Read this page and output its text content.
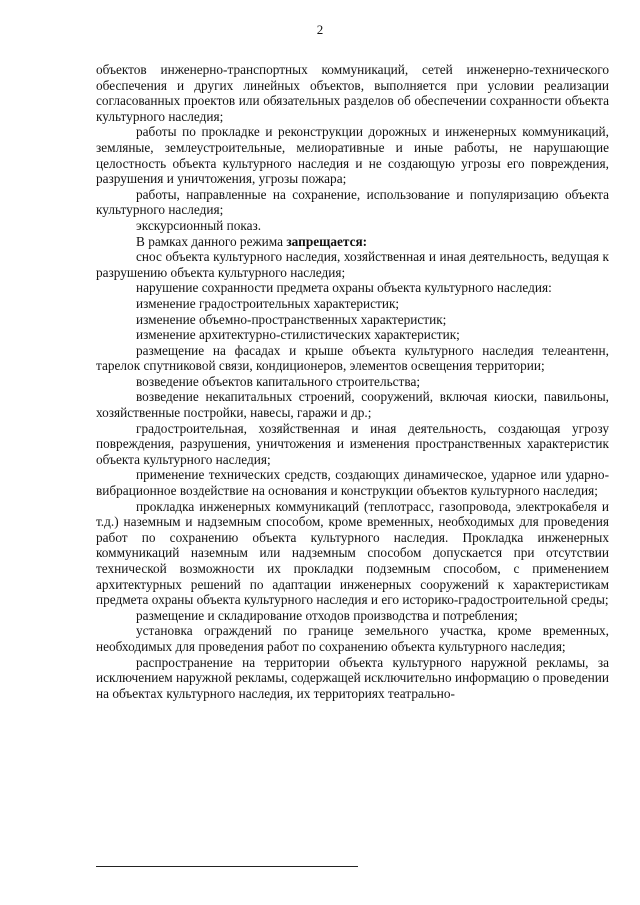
2

объектов инженерно-транспортных коммуникаций, сетей инженерно-технического обеспечения и других линейных объектов, выполняется при условии реализации согласованных проектов или обязательных разделов об обеспечении сохранности объекта культурного наследия;

работы по прокладке и реконструкции дорожных и инженерных коммуникаций, земляные, землеустроительные, мелиоративные и иные работы, не нарушающие целостность объекта культурного наследия и не создающую угрозы его повреждения, разрушения и уничтожения, угрозы пожара;

работы, направленные на сохранение, использование и популяризацию объекта культурного наследия;

экскурсионный показ.

В рамках данного режима запрещается:

снос объекта культурного наследия, хозяйственная и иная деятельность, ведущая к разрушению объекта культурного наследия;

нарушение сохранности предмета охраны объекта культурного наследия:

изменение градостроительных характеристик;

изменение объемно-пространственных характеристик;

изменение архитектурно-стилистических характеристик;

размещение на фасадах и крыше объекта культурного наследия телеантенн, тарелок спутниковой связи, кондиционеров, элементов освещения территории;

возведение объектов капитального строительства;

возведение некапитальных строений, сооружений, включая киоски, павильоны, хозяйственные постройки, навесы, гаражи и др.;

градостроительная, хозяйственная и иная деятельность, создающая угрозу повреждения, разрушения, уничтожения и изменения пространственных характеристик объекта культурного наследия;

применение технических средств, создающих динамическое, ударное или ударно-вибрационное воздействие на основания и конструкции объектов культурного наследия;

прокладка инженерных коммуникаций (теплотрасс, газопровода, электрокабеля и т.д.) наземным и надземным способом, кроме временных, необходимых для проведения работ по сохранению объекта культурного наследия. Прокладка инженерных коммуникаций наземным или надземным способом допускается при отсутствии технической возможности их прокладки подземным способом, с применением архитектурных решений по адаптации инженерных сооружений к характеристикам предмета охраны объекта культурного наследия и его историко-градостроительной среды;

размещение и складирование отходов производства и потребления;

установка ограждений по границе земельного участка, кроме временных, необходимых для проведения работ по сохранению объекта культурного наследия;

распространение на территории объекта культурного наружной рекламы, за исключением наружной рекламы, содержащей исключительно информацию о проведении на объектах культурного наследия, их территориях театрально-
